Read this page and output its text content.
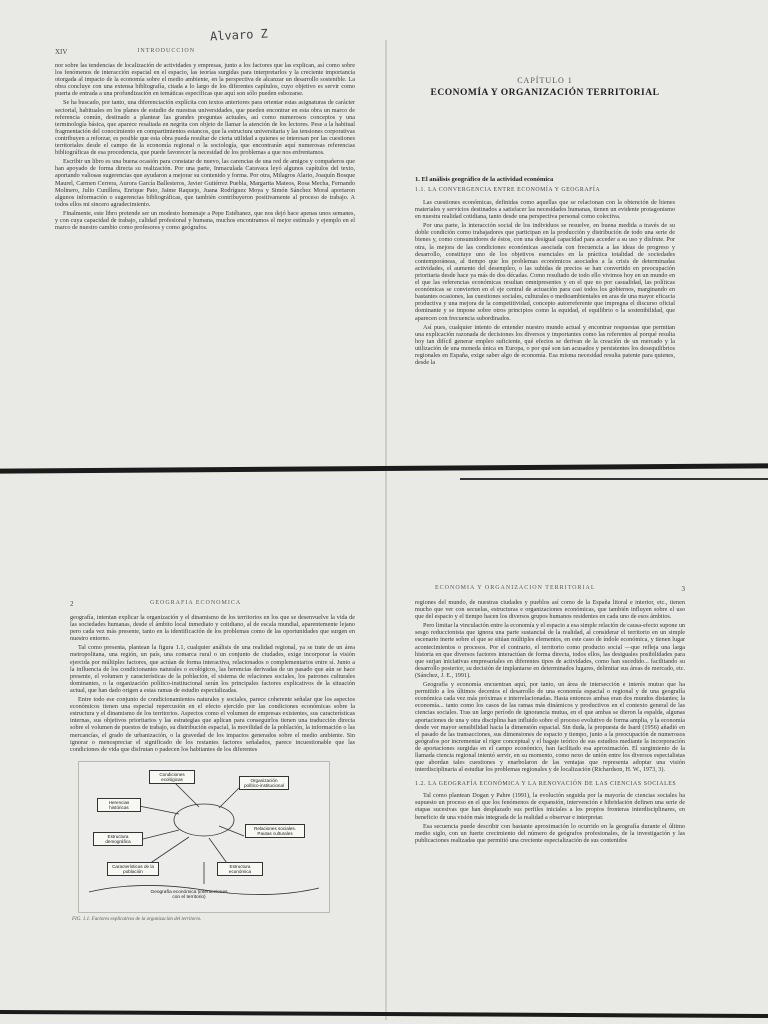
Alvaro Z
XIV	INTRODUCCIÓN

nor sobre las tendencias de localización de actividades y empresas, junto a los factores que las explican, así como sobre los fenómenos de interacción espacial en el espacio, las teorías surgidas para interpretarlos y la creciente importancia otorgada al impacto de la economía sobre el medio ambiente, en la perspectiva de alcanzar un desarrollo sostenible. La obra concluye con una extensa bibliografía, citada a lo largo de los diferentes capítulos, cuyo objetivo es servir como puerta de entrada a una profundización en temáticas específicas que aquí son sólo pueden esbozarse.

Se ha buscado, por tanto, una diferenciación explícita con textos anteriores para orientar estas asignaturas de carácter sectorial, habituales en los planes de estudio de nuestras universidades, que pueden encontrar en esta obra un marco de referencia común, destinado a plantear las grandes preguntas actuales, así como numerosos conceptos y una terminología básica, que aparece resaltada en negrita con objeto de llamar la atención de los lectores. Pese a la habitual fragmentación del conocimiento en compartimientos estancos, que la estructura universitaria y las tensiones corporativas contribuyen a reforzar, es posible que esta obra pueda resultar de cierta utilidad a quienes se interesan por las cuestiones territoriales desde el campo de la economía regional o la sociología, que encontrarán aquí numerosas referencias bibliográficas de esa procedencia, que puede favorecer la necesidad de los problemas a que nos enfrentamos.

Escribir un libro es una buena ocasión para constatar de nuevo, las carencias de una red de amigos y compañeros que han apoyado de forma directa su realización. Por una parte, Inmaculada Caravaca leyó algunos capítulos del texto, aportando valiosas sugerencias que ayudaron a mejorar su contenido y forma. Por otra, Milagros Alario, Joaquín Bosque Maurel, Carmen Cerrera, Aurora García Ballesteros, Javier Gutiérrez Puebla, Margarita Mateos, Rosa Mecha, Fernando Molinero, Julio Cunillera, Enrique Pato, Jaime Raquejo, Juana Rodríguez Moya y Simón Sánchez Moral aportaron algunos información o sugerencias bibliográficas, que también contribuyeron positivamente al proceso de trabajo. A todos ellos mi sincero agradecimiento.

Finalmente, este libro pretende ser un modesto homenaje a Pepe Estébanez, que nos dejó hace apenas unos semanes, y con cuya capacidad de trabajo, calidad profesional y humana, muchos encontramos el mejor estímulo y ejemplo en el marco de nuestro cambio como profesores y como geógrafos.

CAPÍTULO 1
ECONOMÍA Y ORGANIZACIÓN TERRITORIAL
1. El análisis geográfico de la actividad económica
1.1. LA CONVERGENCIA ENTRE ECONOMÍA Y GEOGRAFÍA

Las cuestiones económicas, definidas como aquellas que se relacionan con la obtención de bienes materiales y servicios destinados a satisfacer las necesidades humanas, tienen un evidente protagonismo en nuestra realidad cotidiana, tanto desde una perspectiva personal como colectiva.

Por una parte, la interacción social de los individuos se resuelve, en buena medida a través de su doble condición como trabajadores que participan en la producción y distribución de todo una serie de bienes y, como consumidores de éstos, con una desigual capacidad para acceder a su uso y disfrute. Por otra, la mejora de las condiciones económicas asociada con frecuencia a las ideas de progreso y desarrollo, constituye uno de los objetivos esenciales en la práctica totalidad de sociedades contemporáneas, al tiempo que los problemas económicos asociados a la crisis de determinadas actividades, el aumento del desempleo, o las subidas de precios se han convertido en preocupación prioritaria desde hace ya más de dos décadas. Como resultado de todo ello vivimos hoy en un mundo en el que las referencias económicas resultan omnipresentes y en el que no por casualidad, las políticas económicas se convierten en el eje central de actuación para casi todos los gobiernos, marginando en bastantes ocasiones, las cuestiones sociales, culturales o medioambientales en aras de una mayor eficacia productiva y una mejora de la competitividad, concepto autorreferente que impregna el discurso oficial dominante y se impone sobre otros principios como la equidad, el equilibrio o la sostenibilidad, que aparecen con frecuencia subordinados.

Así pues, cualquier intento de entender nuestro mundo actual y encontrar respuestas que permitan una explicación razonada de decisiones los diversos y importantes como las referentes al porqué resulta hoy tan difícil generar empleo suficiente, qué efectos se derivan de la creación de un mercado y la utilización de una moneda única en Europa, o por qué son tan acusados y persistentes los desequilibrios regionales en España, exige saber algo de economía. Esa misma necesidad resulta patente para quienes, desde la

2	GEOGRAFÍA ECONÓMICA

geografía, intentan explicar la organización y el dinamismo de los territorios en los que se desenvuelve la vida de las sociedades humanas, desde el ámbito local inmediato y cotidiano, al de escala mundial, aparentemente lejano pero cada vez más presente, tanto en la identificación de los problemas como de las oportunidades que surgen en nuestro entorno.

Tal como presenta, plantean la figura 1.1, cualquier análisis de una realidad regional, ya se trate de un área metropolitana, una región, un país, una comarca rural o un conjunto de ciudades, exige incorporar la visión ejercida por múltiples factores, que actúan de forma interactiva, relacionados o complementarios entre sí. Junto a la influencia de los condicionantes naturales o ecológicos, las herencias derivadas de un pasado que aún se hace presente, el volumen y características de la población, el sistema de relaciones sociales, los patrones culturales dominantes, o la organización político-institucional serán los principales factores explicativos de la situación actual, que han dado origen a estas ramas de estudio especializadas.

Entre todo ese conjunto de condicionamientos naturales y sociales, parece coherente señalar que los aspectos económicos tienen una especial repercusión en el efecto ejercido por las condiciones económicas sobre la estructura y el dinamismo de los territorios. Aspectos como el volumen de empresas existentes, sus características internas, sus objetivos prioritarios y las estrategias que aplican para conseguirlos tienen una traducción directa sobre el volumen de puestos de trabajo, su distribución espacial, la movilidad de la población, la información o las mercancías, el grado de urbanización, o la gravedad de los impactos generados sobre el medio ambiente. Sin ignorar o menospreciar el significado de los restantes factores señalados, parece incuestionable que las condiciones de vida que disfrutan o padecen los habitantes de los diferentes

Condiciones ecológicas
Herencias históricas
Organización político-institucional
Estructura demográfica
Relaciones sociales. Pautas culturales
Características de la población
Estructura económica
Geografía económica (interacciones con el territorio)
FIG. 1.1. Factores explicativos de la organización del territorio.
ECONOMÍA Y ORGANIZACIÓN TERRITORIAL	3

regiones del mundo, de nuestras ciudades y pueblos así como de la España litoral e interior, etc., tienen mucho que ver con secuelas, estructuras e organizaciones económicas, que también influyen sobre el uso que del espacio y el tiempo hacen los diversos grupos humanos residentes en cada uno de esos ámbitos.

Pero limitar la vinculación entre la economía y el espacio a esa simple relación de causa-efecto supone un sesgo reduccionista que ignora una parte sustancial de la realidad, al considerar el territorio en un simple escenario inerte sobre el que se sitúan múltiples elementos, en este caso de índole económica, y tienen lugar acontecimientos o procesos. Por el contrario, el territorio como producto social —que refleja una larga historia en que diversos factores interactúan de forma directa, todos ellos, las desiguales posibilidades para que surjan iniciativas empresariales en diferentes tipos de actividades, como han sucedido... facilitando su desarrollo posterior, su decisión de implantarse en determinados lugares, delimitar sus áreas de mercado, etc. (Sánchez, J. E., 1991).

Geografía y economía encuentran aquí, por tanto, un área de intersección e interés mutuo que ha permitido a los últimos decenios el desarrollo de una economía espacial o regional y de una geografía económica cada vez más próximas e interrelacionadas. Hasta entonces ambas eran dos mundos distantes; la economía... tanto como los casos de las ramas más dinámicos y productivos en el contexto general de las ciencias sociales. Tras un largo período de ignorancia mutua, en el que ambas se dieron la espalda, algunas aportaciones de una y otra disciplina han influido sobre el proceso evolutivo de forma amplia, y la economía desde ver mayor sensibilidad hacia la dimensión espacial. Sin duda, la propuesta de Isard (1956) añadió en el pasado de las transacciones, sus dimensiones de espacio y tiempo, junto a la preocupación de numerosos geógrafos por incrementar el rigor conceptual y el bagaje teórico de sus estudios mediante la incorporación de aportaciones surgidas en el campo económico, han facilitado esa aproximación. El surgimiento de la llamada ciencia regional intentó servir, en su momento, como nexo de unión entre los diversos especialistas que abordan tales cuestiones y enarbolaron de las ventajas que representa adoptar una visión interdisciplinaria al estudiar los problemas regionales y de localización (Richardson, H. W., 1973, 3).

1.2. LA GEOGRAFÍA ECONÓMICA Y LA RENOVACIÓN DE LAS CIENCIAS SOCIALES

Tal como plantean Dogan y Pahre (1991), la evolución seguida por la mayoría de ciencias sociales ha supuesto un proceso en el que los fenómenos de expansión, intervención e hibridación definen una serie de etapas sucesivas que han desplazado sus perfiles iniciales a los propios fronteras interdisciplinares, en beneficio de una visión más integrada de la realidad a observar e interpretar.

Esa secuencia puede describir con bastante aproximación lo ocurrido en la geografía durante el último medio siglo, con un fuerte crecimiento del número de geógrafos profesionales, de la investigación y las publicaciones realizadas que permitió una creciente especialización de sus contenidos
